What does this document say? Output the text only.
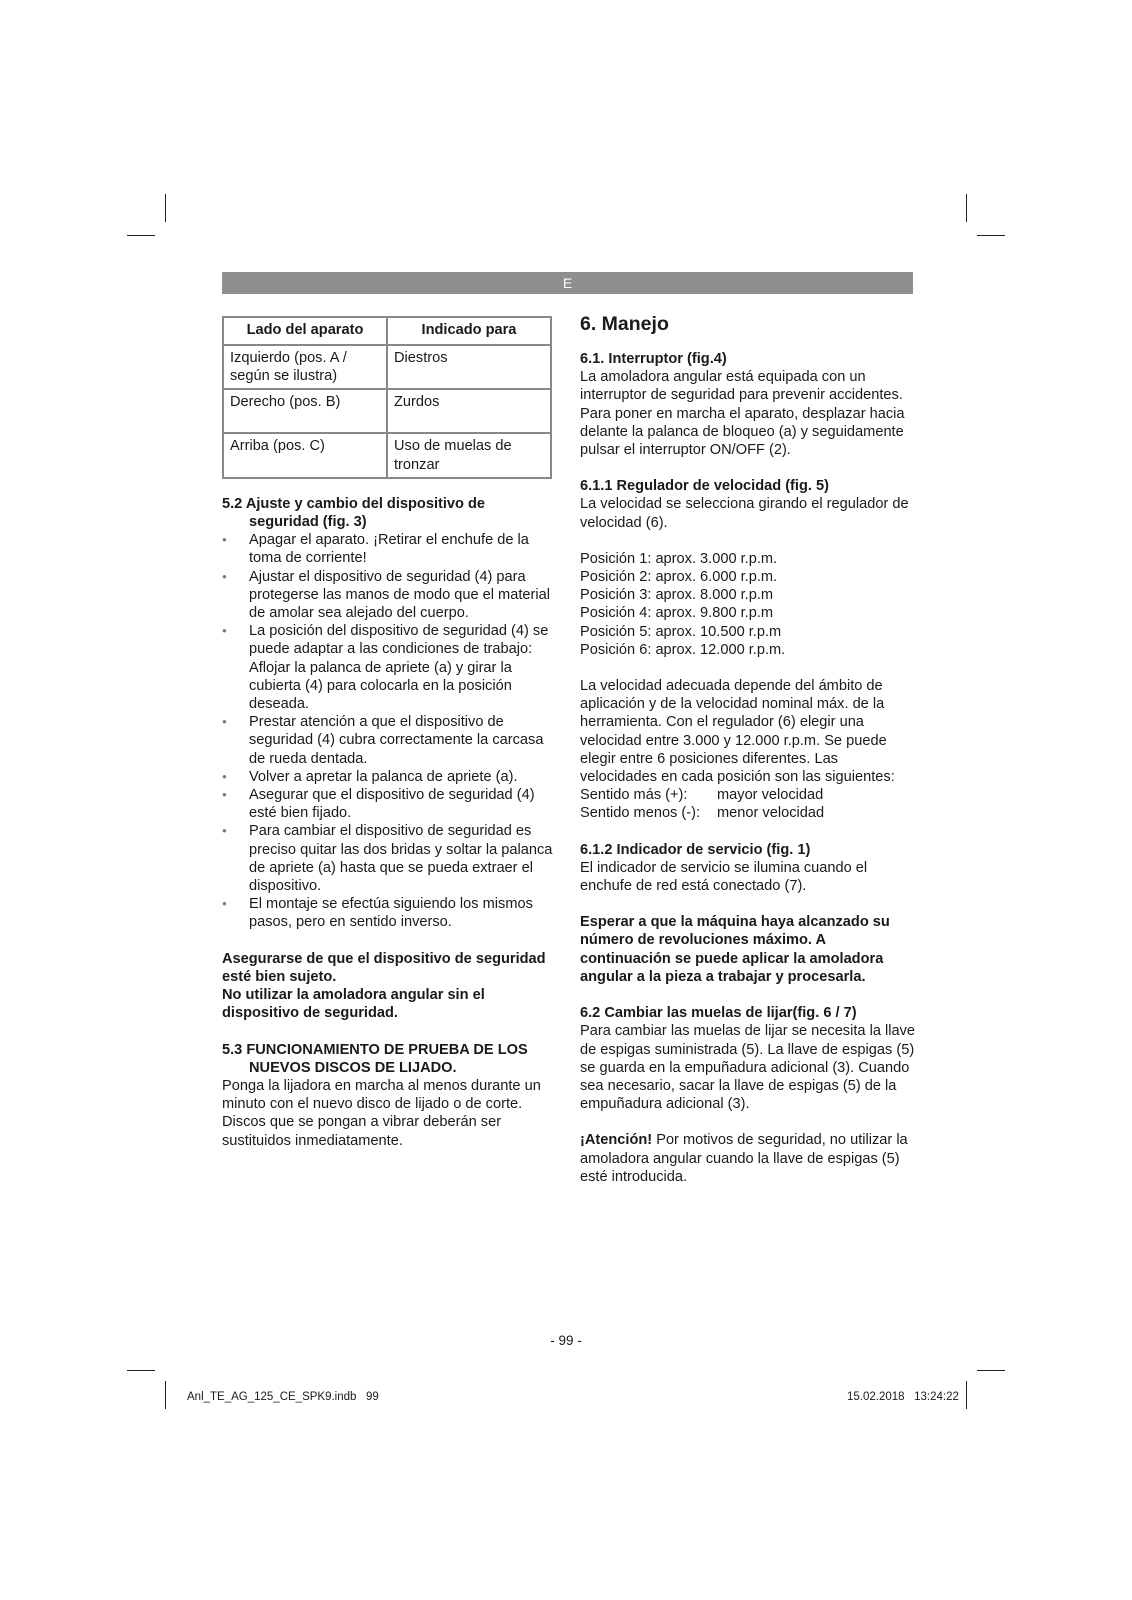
E
Lado del aparato	Indicado para
Izquierdo (pos. A / según se ilustra)	Diestros
Derecho (pos. B)	Zurdos
Arriba (pos. C)	Uso de muelas de tronzar
5.2 Ajuste y cambio del dispositivo de
seguridad (fig. 3)
● Apagar el aparato. ¡Retirar el enchufe de la toma de corriente!
● Ajustar el dispositivo de seguridad (4) para protegerse las manos de modo que el material de amolar sea alejado del cuerpo.
● La posición del dispositivo de seguridad (4) se puede adaptar a las condiciones de trabajo: Aflojar la palanca de apriete (a) y girar la cubierta (4) para colocarla en la posición deseada.
● Prestar atención a que el dispositivo de seguridad (4) cubra correctamente la carcasa de rueda dentada.
● Volver a apretar la palanca de apriete (a).
● Asegurar que el dispositivo de seguridad (4) esté bien fijado.
● Para cambiar el dispositivo de seguridad es preciso quitar las dos bridas y soltar la palanca de apriete (a) hasta que se pueda extraer el dispositivo.
● El montaje se efectúa siguiendo los mismos pasos, pero en sentido inverso.
Asegurarse de que el dispositivo de seguridad esté bien sujeto.
No utilizar la amoladora angular sin el dispositivo de seguridad.
5.3 FUNCIONAMIENTO DE PRUEBA DE LOS
NUEVOS DISCOS DE LIJADO.
Ponga la lijadora en marcha al menos durante un minuto con el nuevo disco de lijado o de corte. Discos que se pongan a vibrar deberán ser sustituidos inmediatamente.
6. Manejo
6.1. Interruptor (fig.4)
La amoladora angular está equipada con un interruptor de seguridad para prevenir accidentes. Para poner en marcha el aparato, desplazar hacia delante la palanca de bloqueo (a) y seguidamente pulsar el interruptor ON/OFF (2).
6.1.1 Regulador de velocidad (fig. 5)
La velocidad se selecciona girando el regulador de velocidad (6).
Posición 1: aprox. 3.000 r.p.m.
Posición 2: aprox. 6.000 r.p.m.
Posición 3: aprox. 8.000 r.p.m
Posición 4: aprox. 9.800 r.p.m
Posición 5: aprox. 10.500 r.p.m
Posición 6: aprox. 12.000 r.p.m.
La velocidad adecuada depende del ámbito de aplicación y de la velocidad nominal máx. de la herramienta. Con el regulador (6) elegir una velocidad entre 3.000 y 12.000 r.p.m. Se puede elegir entre 6 posiciones diferentes. Las velocidades en cada posición son las siguientes:
Sentido más (+):	mayor velocidad
Sentido menos (-):	menor velocidad
6.1.2 Indicador de servicio (fig. 1)
El indicador de servicio se ilumina cuando el enchufe de red está conectado (7).
Esperar a que la máquina haya alcanzado su número de revoluciones máximo. A continuación se puede aplicar la amoladora angular a la pieza a trabajar y procesarla.
6.2 Cambiar las muelas de lijar(fig. 6 / 7)
Para cambiar las muelas de lijar se necesita la llave de espigas suministrada (5). La llave de espigas (5) se guarda en la empuñadura adicional (3). Cuando sea necesario, sacar la llave de espigas (5) de la empuñadura adicional (3).
¡Atención! Por motivos de seguridad, no utilizar la amoladora angular cuando la llave de espigas (5) esté introducida.
- 99 -
Anl_TE_AG_125_CE_SPK9.indb   99	15.02.2018   13:24:22
